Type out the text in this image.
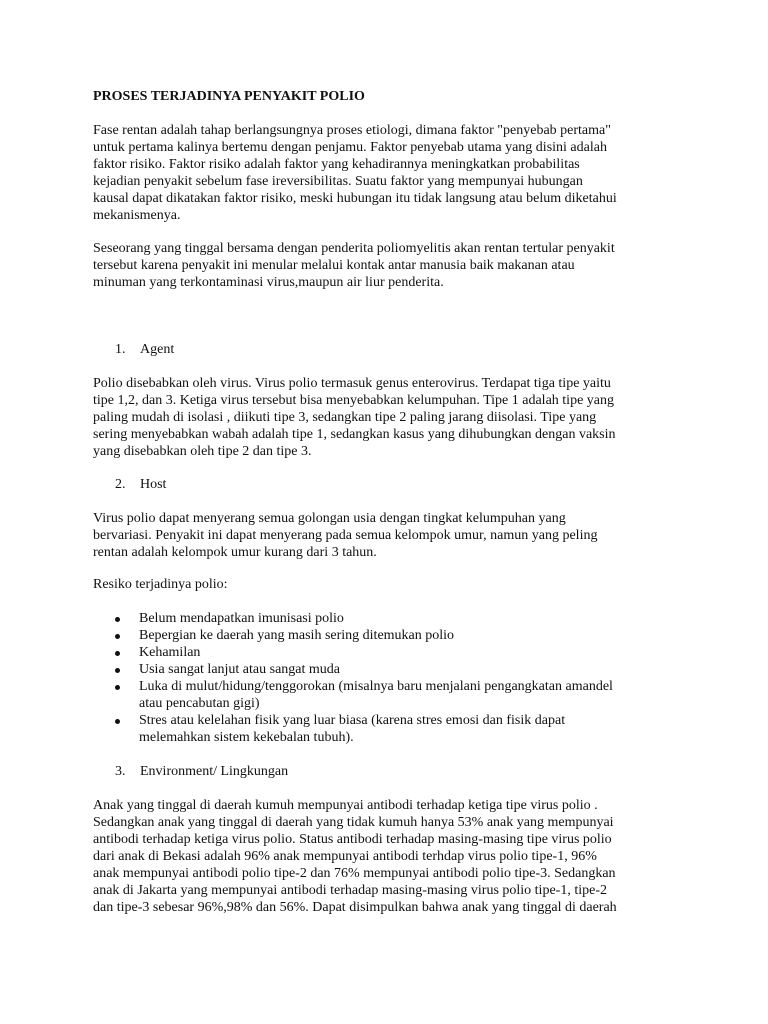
PROSES TERJADINYA PENYAKIT POLIO

Fase rentan adalah tahap berlangsungnya proses etiologi, dimana faktor "penyebab pertama"
untuk pertama kalinya bertemu dengan penjamu. Faktor penyebab utama yang disini adalah
faktor risiko. Faktor risiko adalah faktor yang kehadirannya meningkatkan probabilitas
kejadian penyakit sebelum fase ireversibilitas. Suatu faktor yang mempunyai hubungan
kausal dapat dikatakan faktor risiko, meski hubungan itu tidak langsung atau belum diketahui
mekanismenya.

Seseorang yang tinggal bersama dengan penderita poliomyelitis akan rentan tertular penyakit
tersebut karena penyakit ini menular melalui kontak antar manusia baik makanan atau
minuman yang terkontaminasi virus,maupun air liur penderita.

1. Agent

Polio disebabkan oleh virus. Virus polio termasuk genus enterovirus. Terdapat tiga tipe yaitu
tipe 1,2, dan 3. Ketiga virus tersebut bisa menyebabkan kelumpuhan. Tipe 1 adalah tipe yang
paling mudah di isolasi , diikuti tipe 3, sedangkan tipe 2 paling jarang diisolasi. Tipe yang
sering menyebabkan wabah adalah tipe 1, sedangkan kasus yang dihubungkan dengan vaksin
yang disebabkan oleh tipe 2 dan tipe 3.

2. Host

Virus polio dapat menyerang semua golongan usia dengan tingkat kelumpuhan yang
bervariasi. Penyakit ini dapat menyerang pada semua kelompok umur, namun yang peling
rentan adalah kelompok umur kurang dari 3 tahun.

Resiko terjadinya polio:

Belum mendapatkan imunisasi polio
Bepergian ke daerah yang masih sering ditemukan polio
Kehamilan
Usia sangat lanjut atau sangat muda
Luka di mulut/hidung/tenggorokan (misalnya baru menjalani pengangkatan amandel
atau pencabutan gigi)
Stres atau kelelahan fisik yang luar biasa (karena stres emosi dan fisik dapat
melemahkan sistem kekebalan tubuh).
3. Environment/ Lingkungan

Anak yang tinggal di daerah kumuh mempunyai antibodi terhadap ketiga tipe virus polio .
Sedangkan anak yang tinggal di daerah yang tidak kumuh hanya 53% anak yang mempunyai
antibodi terhadap ketiga virus polio. Status antibodi terhadap masing-masing tipe virus polio
dari anak di Bekasi adalah 96% anak mempunyai antibodi terhdap virus polio tipe-1, 96%
anak mempunyai antibodi polio tipe-2 dan 76% mempunyai antibodi polio tipe-3. Sedangkan
anak di Jakarta yang mempunyai antibodi terhadap masing-masing virus polio tipe-1, tipe-2
dan tipe-3 sebesar 96%,98% dan 56%. Dapat disimpulkan bahwa anak yang tinggal di daerah
